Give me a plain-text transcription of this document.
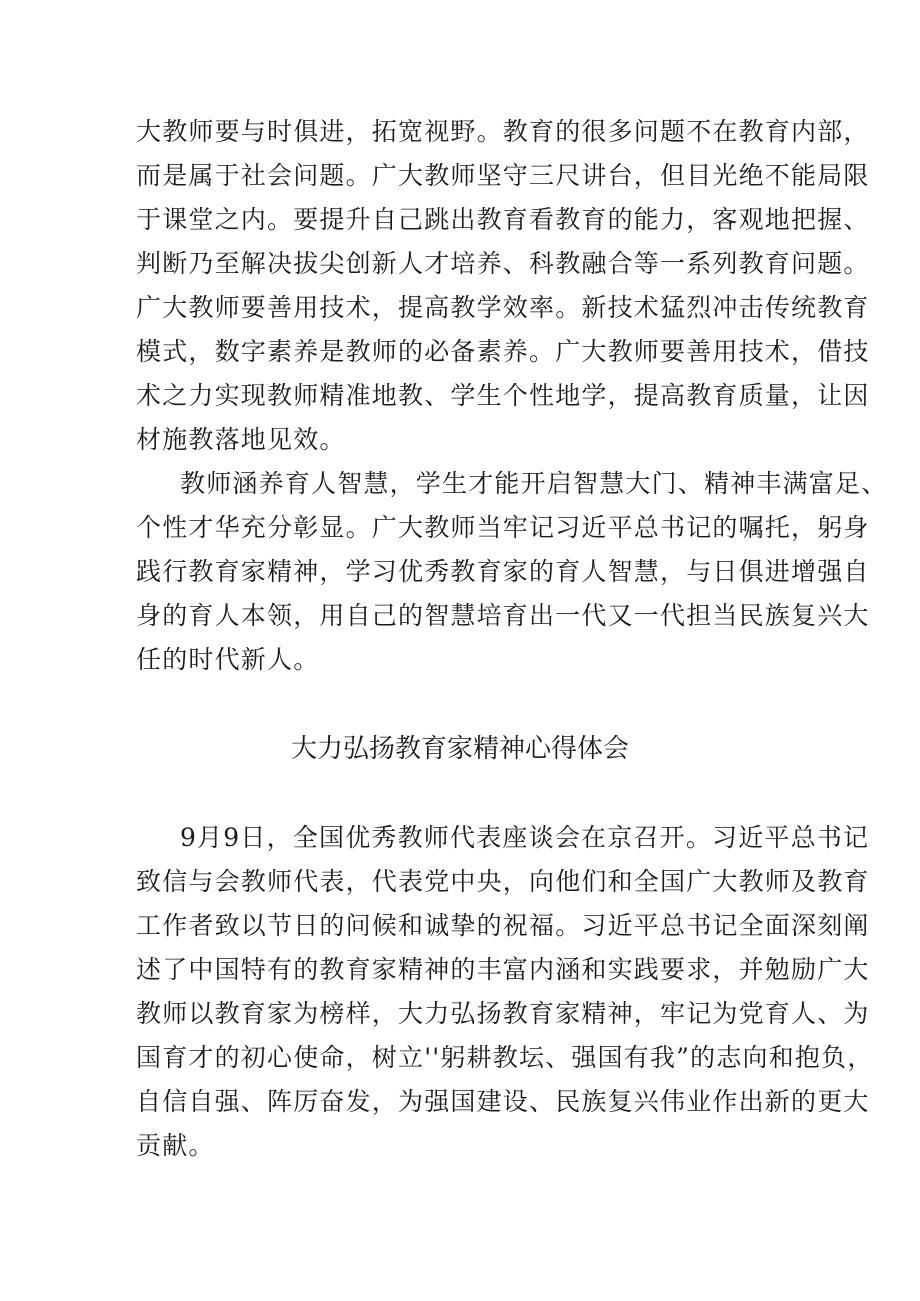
大教师要与时俱进，拓宽视野。教育的很多问题不在教育内部，
而是属于社会问题。广大教师坚守三尺讲台，但目光绝不能局限
于课堂之内。要提升自己跳出教育看教育的能力，客观地把握、
判断乃至解决拔尖创新人才培养、科教融合等一系列教育问题。
广大教师要善用技术，提高教学效率。新技术猛烈冲击传统教育
模式，数字素养是教师的必备素养。广大教师要善用技术，借技
术之力实现教师精准地教、学生个性地学，提高教育质量，让因
材施教落地见效。
教师涵养育人智慧，学生才能开启智慧大门、精神丰满富足、
个性才华充分彰显。广大教师当牢记习近平总书记的嘱托，躬身
践行教育家精神，学习优秀教育家的育人智慧，与日俱进增强自
身的育人本领，用自己的智慧培育出一代又一代担当民族复兴大
任的时代新人。
大力弘扬教育家精神心得体会
9月9日，全国优秀教师代表座谈会在京召开。习近平总书记
致信与会教师代表，代表党中央，向他们和全国广大教师及教育
工作者致以节日的问候和诚挚的祝福。习近平总书记全面深刻阐
述了中国特有的教育家精神的丰富内涵和实践要求，并勉励广大
教师以教育家为榜样，大力弘扬教育家精神，牢记为党育人、为
国育才的初心使命，树立''躬耕教坛、强国有我”的志向和抱负，
自信自强、阵厉奋发，为强国建设、民族复兴伟业作出新的更大
贡献。
